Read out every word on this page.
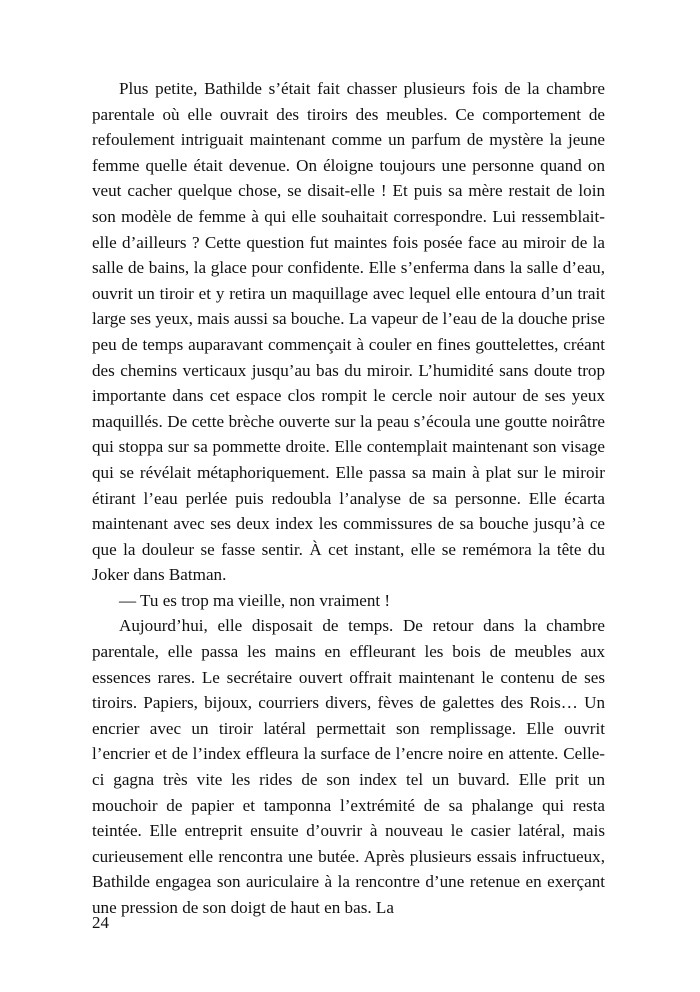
Plus petite, Bathilde s’était fait chasser plusieurs fois de la chambre parentale où elle ouvrait des tiroirs des meubles. Ce comportement de refoulement intriguait maintenant comme un parfum de mystère la jeune femme quelle était devenue. On éloigne toujours une personne quand on veut cacher quelque chose, se disait-elle ! Et puis sa mère restait de loin son modèle de femme à qui elle souhaitait correspondre. Lui ressemblait-elle d’ailleurs ? Cette question fut maintes fois posée face au miroir de la salle de bains, la glace pour confidente. Elle s’enferma dans la salle d’eau, ouvrit un tiroir et y retira un maquillage avec lequel elle entoura d’un trait large ses yeux, mais aussi sa bouche. La vapeur de l’eau de la douche prise peu de temps auparavant commençait à couler en fines gouttelettes, créant des chemins verticaux jusqu’au bas du miroir. L’humidité sans doute trop importante dans cet espace clos rompit le cercle noir autour de ses yeux maquillés. De cette brèche ouverte sur la peau s’écoula une goutte noirâtre qui stoppa sur sa pommette droite. Elle contemplait maintenant son visage qui se révélait métaphoriquement. Elle passa sa main à plat sur le miroir étirant l’eau perlée puis redoubla l’analyse de sa personne. Elle écarta maintenant avec ses deux index les commissures de sa bouche jusqu’à ce que la douleur se fasse sentir. À cet instant, elle se remémora la tête du Joker dans Batman.

— Tu es trop ma vieille, non vraiment !

Aujourd’hui, elle disposait de temps. De retour dans la chambre parentale, elle passa les mains en effleurant les bois de meubles aux essences rares. Le secrétaire ouvert offrait maintenant le contenu de ses tiroirs. Papiers, bijoux, courriers divers, fèves de galettes des Rois… Un encrier avec un tiroir latéral permettait son remplissage. Elle ouvrit l’encrier et de l’index effleura la surface de l’encre noire en attente. Celle-ci gagna très vite les rides de son index tel un buvard. Elle prit un mouchoir de papier et tamponna l’extrémité de sa phalange qui resta teintée. Elle entreprit ensuite d’ouvrir à nouveau le casier latéral, mais curieusement elle rencontra une butée. Après plusieurs essais infructueux, Bathilde engagea son auriculaire à la rencontre d’une retenue en exerçant une pression de son doigt de haut en bas. La

24
